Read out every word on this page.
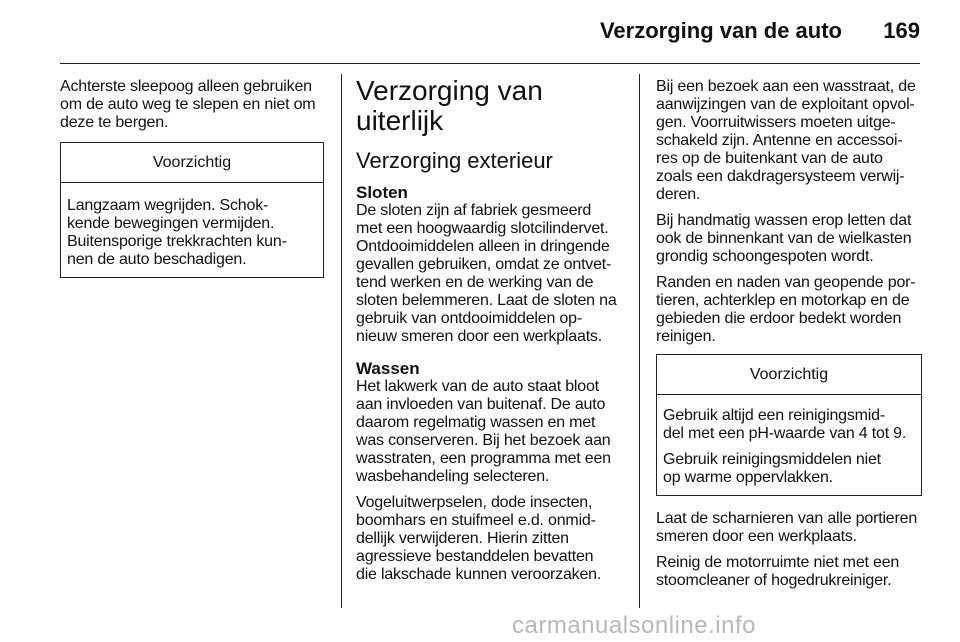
Verzorging van de auto 169

Achterste sleepoog alleen gebruiken
om de auto weg te slepen en niet om
deze te bergen.

Voorzichtig

Langzaam wegrijden. Schok-
kende bewegingen vermijden.
Buitensporige trekkrachten kun-
nen de auto beschadigen.

Verzorging van uiterlijk
Verzorging exterieur
Sloten

De sloten zijn af fabriek gesmeerd
met een hoogwaardig slotcilindervet.
Ontdooimiddelen alleen in dringende
gevallen gebruiken, omdat ze ontvet-
tend werken en de werking van de
sloten belemmeren. Laat de sloten na
gebruik van ontdooimiddelen op-
nieuw smeren door een werkplaats.

Wassen

Het lakwerk van de auto staat bloot
aan invloeden van buitenaf. De auto
daarom regelmatig wassen en met
was conserveren. Bij het bezoek aan
wasstraten, een programma met een
wasbehandeling selecteren.

Vogeluitwerpselen, dode insecten,
boomhars en stuifmeel e.d. onmid-
dellijk verwijderen. Hierin zitten
agressieve bestanddelen bevatten
die lakschade kunnen veroorzaken.

Bij een bezoek aan een wasstraat, de
aanwijzingen van de exploitant opvol-
gen. Voorruitwissers moeten uitge-
schakeld zijn. Antenne en accessoi-
res op de buitenkant van de auto
zoals een dakdragersysteem verwij-
deren.

Bij handmatig wassen erop letten dat
ook de binnenkant van de wielkasten
grondig schoongespoten wordt.

Randen en naden van geopende por-
tieren, achterklep en motorkap en de
gebieden die erdoor bedekt worden
reinigen.

Voorzichtig

Gebruik altijd een reinigingsmid-
del met een pH-waarde van 4 tot 9.

Gebruik reinigingsmiddelen niet
op warme oppervlakken.

Laat de scharnieren van alle portieren
smeren door een werkplaats.

Reinig de motorruimte niet met een
stoomcleaner of hogedrukreiniger.

carmanualsonline.info
